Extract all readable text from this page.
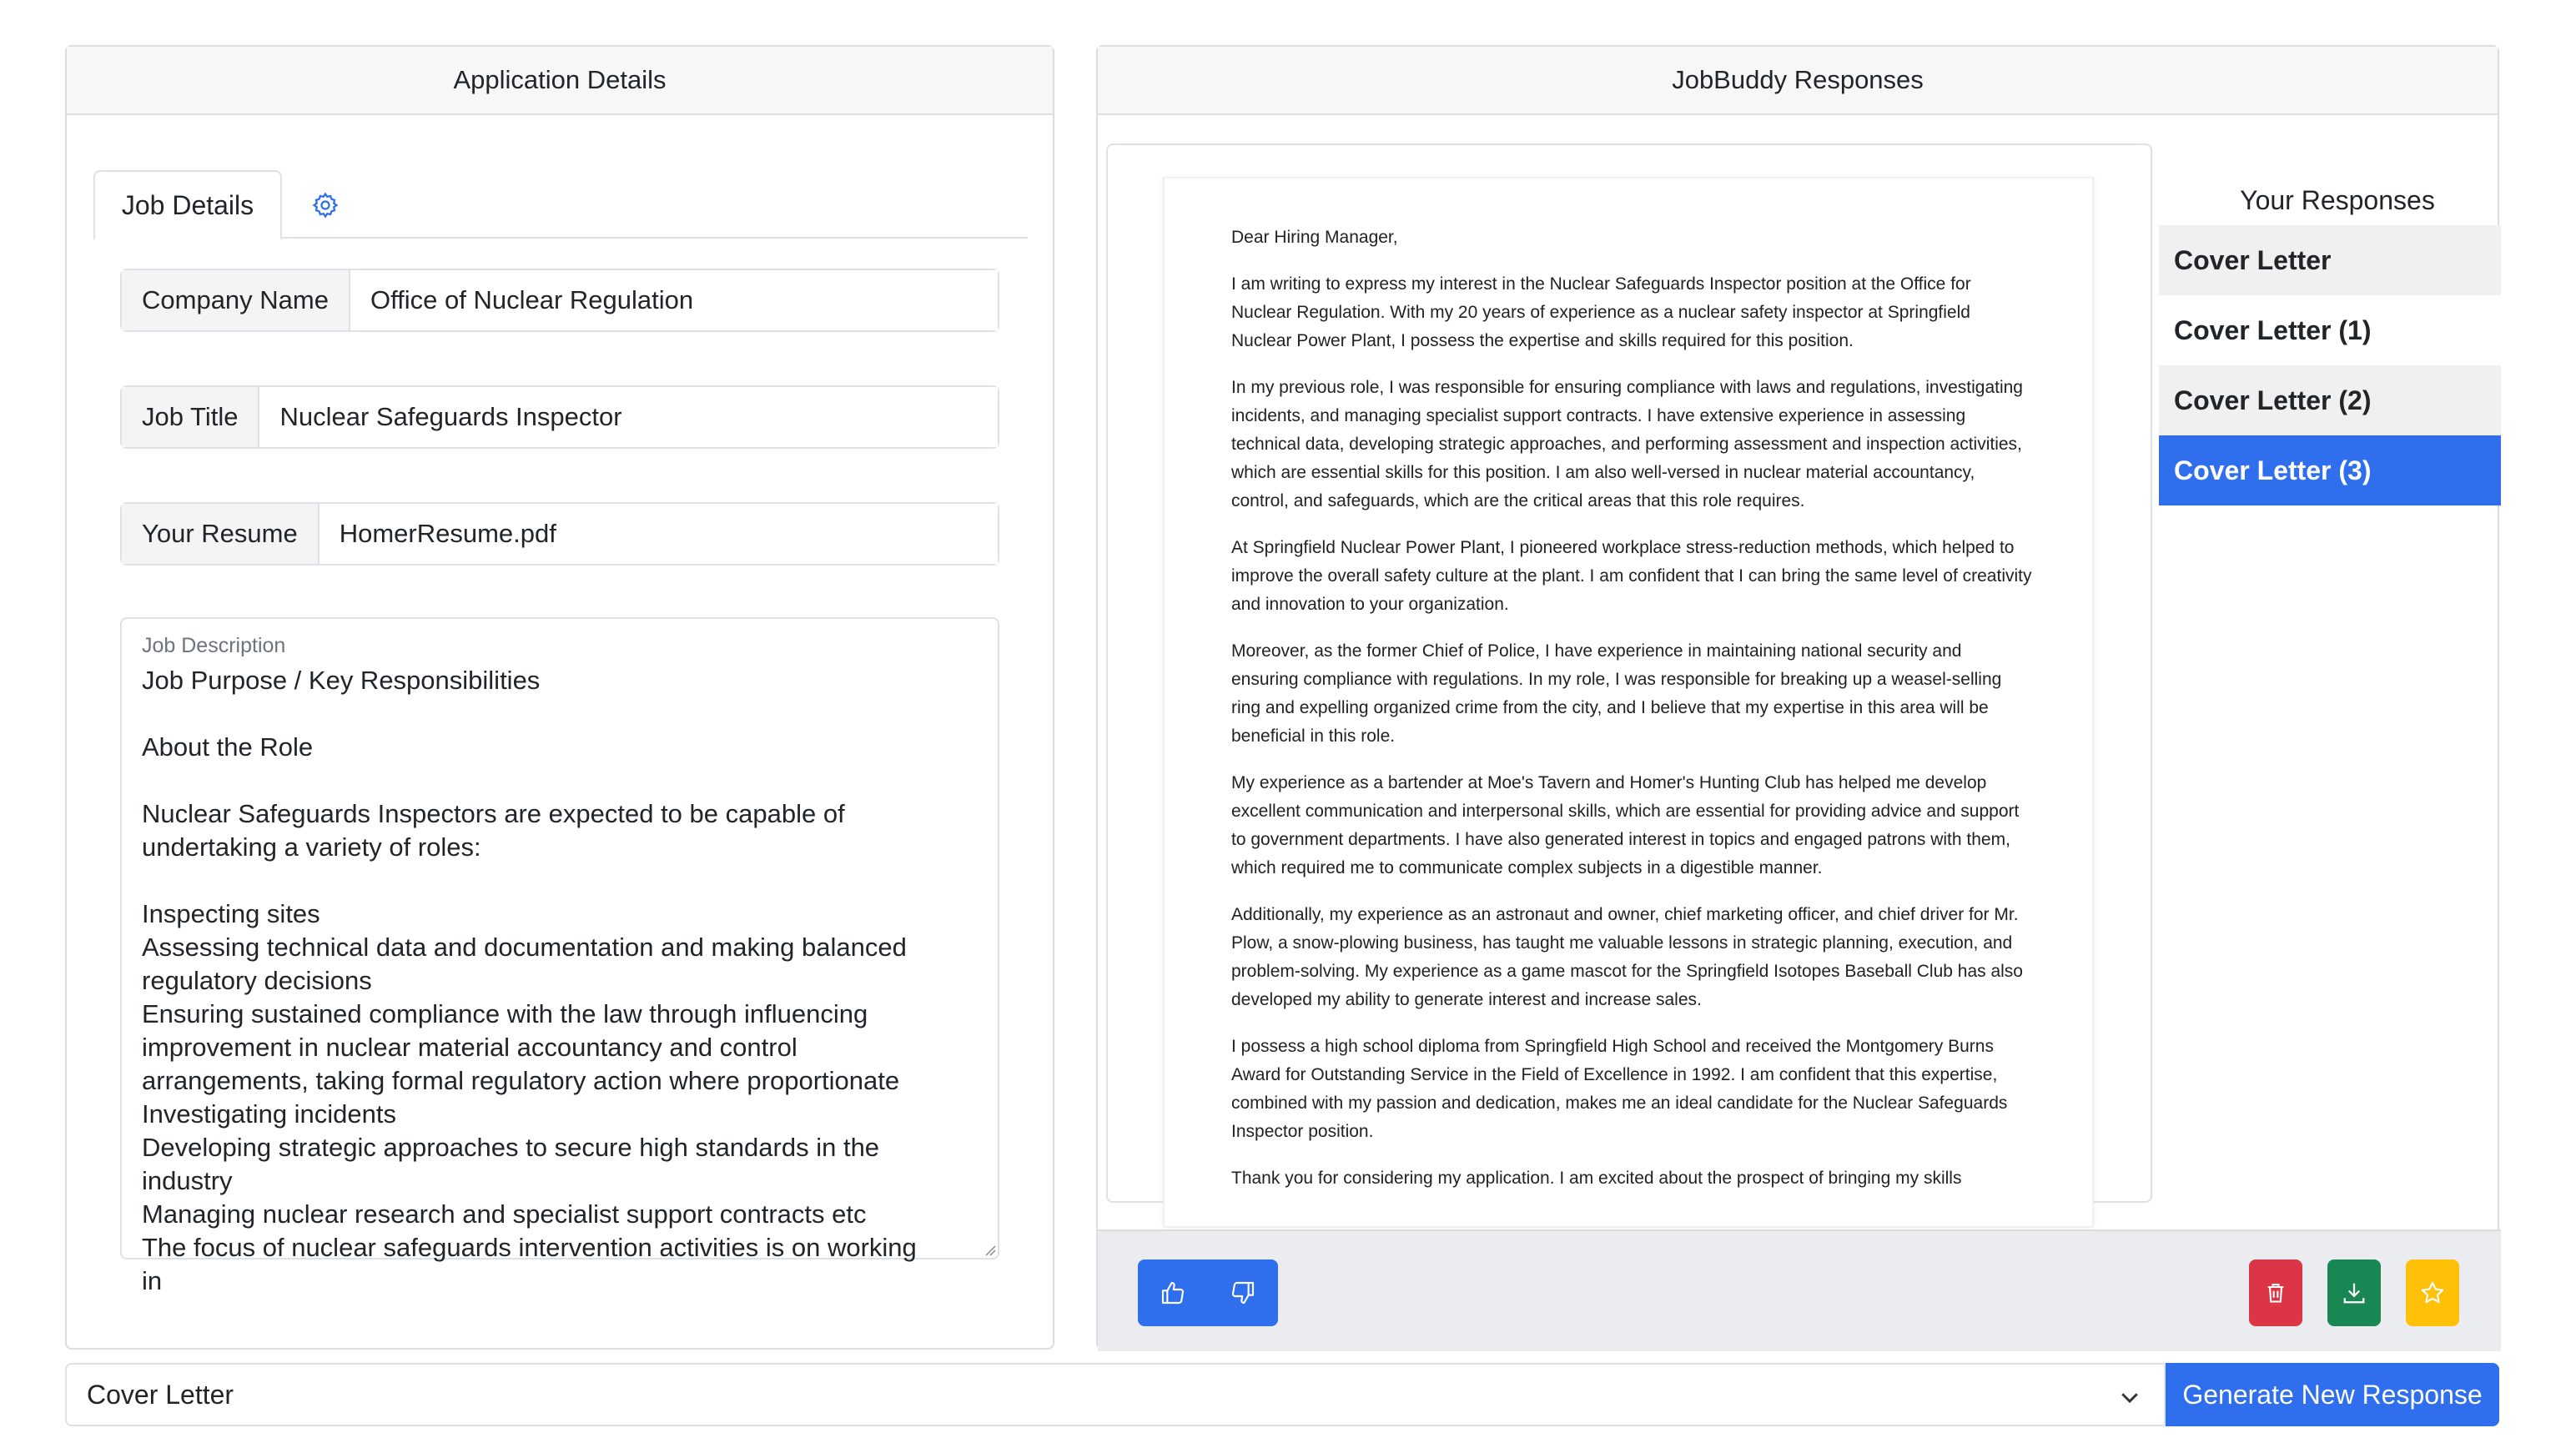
Application Details
Job Details
Company Name	Office of Nuclear Regulation
Job Title	Nuclear Safeguards Inspector
Your Resume	HomerResume.pdf
Job Description
Job Purpose / Key Responsibilities

About the Role

Nuclear Safeguards Inspectors are expected to be capable of undertaking a variety of roles:

Inspecting sites
Assessing technical data and documentation and making balanced regulatory decisions
Ensuring sustained compliance with the law through influencing improvement in nuclear material accountancy and control arrangements, taking formal regulatory action where proportionate
Investigating incidents
Developing strategic approaches to secure high standards in the industry
Managing nuclear research and specialist support contracts etc
The focus of nuclear safeguards intervention activities is on working in
JobBuddy Responses

Dear Hiring Manager,

I am writing to express my interest in the Nuclear Safeguards Inspector position at the Office for Nuclear Regulation. With my 20 years of experience as a nuclear safety inspector at Springfield Nuclear Power Plant, I possess the expertise and skills required for this position.

In my previous role, I was responsible for ensuring compliance with laws and regulations, investigating incidents, and managing specialist support contracts. I have extensive experience in assessing technical data, developing strategic approaches, and performing assessment and inspection activities, which are essential skills for this position. I am also well-versed in nuclear material accountancy, control, and safeguards, which are the critical areas that this role requires.

At Springfield Nuclear Power Plant, I pioneered workplace stress-reduction methods, which helped to improve the overall safety culture at the plant. I am confident that I can bring the same level of creativity and innovation to your organization.

Moreover, as the former Chief of Police, I have experience in maintaining national security and ensuring compliance with regulations. In my role, I was responsible for breaking up a weasel-selling ring and expelling organized crime from the city, and I believe that my expertise in this area will be beneficial in this role.

My experience as a bartender at Moe's Tavern and Homer's Hunting Club has helped me develop excellent communication and interpersonal skills, which are essential for providing advice and support to government departments. I have also generated interest in topics and engaged patrons with them, which required me to communicate complex subjects in a digestible manner.

Additionally, my experience as an astronaut and owner, chief marketing officer, and chief driver for Mr. Plow, a snow-plowing business, has taught me valuable lessons in strategic planning, execution, and problem-solving. My experience as a game mascot for the Springfield Isotopes Baseball Club has also developed my ability to generate interest and increase sales.

I possess a high school diploma from Springfield High School and received the Montgomery Burns Award for Outstanding Service in the Field of Excellence in 1992. I am confident that this expertise, combined with my passion and dedication, makes me an ideal candidate for the Nuclear Safeguards Inspector position.

Thank you for considering my application. I am excited about the prospect of bringing my skills

Your Responses
Cover Letter
Cover Letter (1)
Cover Letter (2)
Cover Letter (3)
Cover Letter	Generate New Response
